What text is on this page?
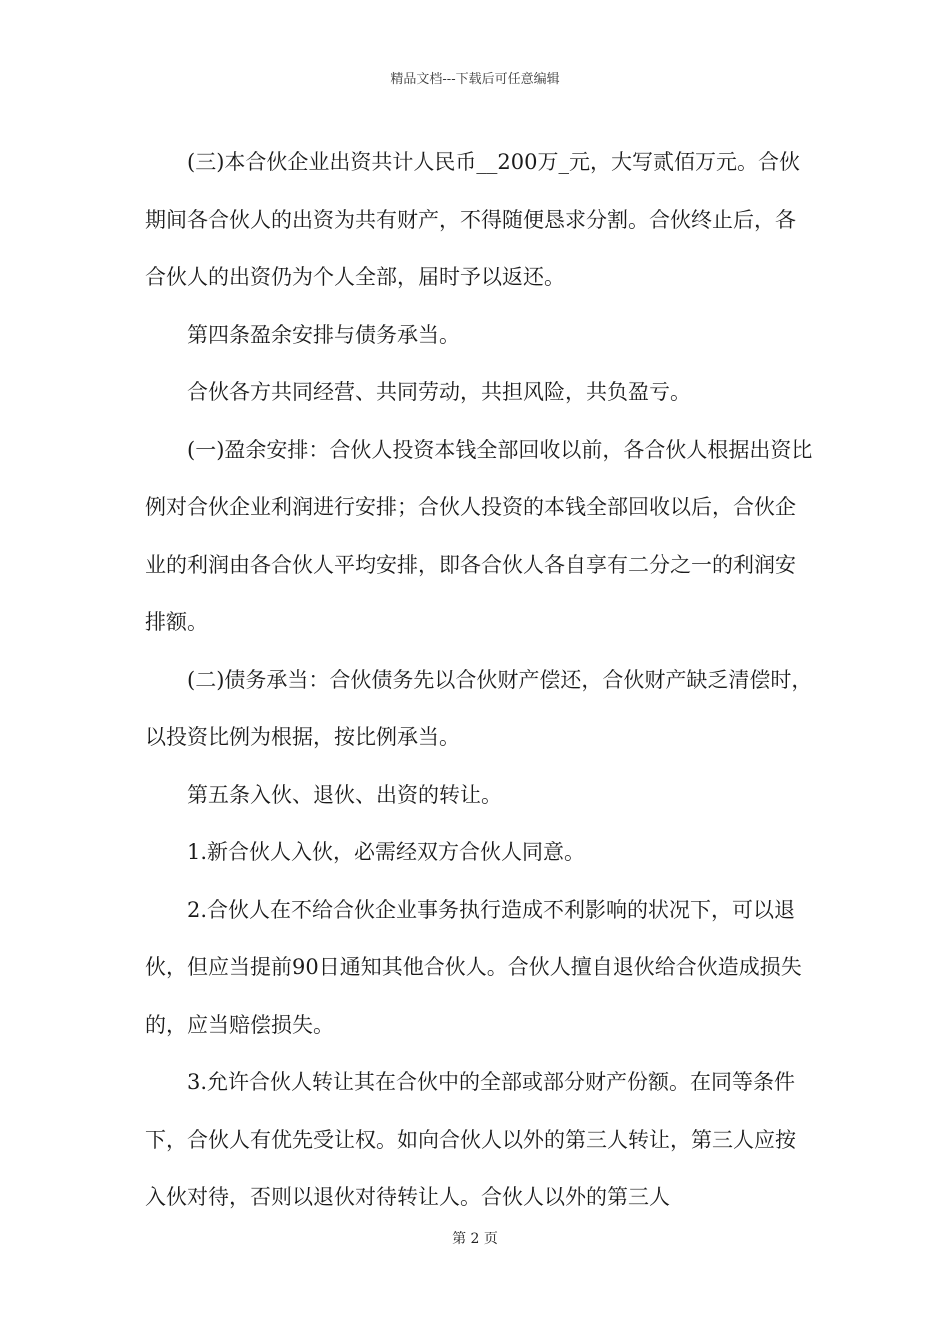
精品文档---下载后可任意编辑

(三)本合伙企业出资共计人民币__200万_元，大写贰佰万元。合伙期间各合伙人的出资为共有财产，不得随便恳求分割。合伙终止后，各合伙人的出资仍为个人全部，届时予以返还。

第四条盈余安排与债务承当。

合伙各方共同经营、共同劳动，共担风险，共负盈亏。

(一)盈余安排：合伙人投资本钱全部回收以前，各合伙人根据出资比例对合伙企业利润进行安排；合伙人投资的本钱全部回收以后，合伙企业的利润由各合伙人平均安排，即各合伙人各自享有二分之一的利润安排额。

(二)债务承当：合伙债务先以合伙财产偿还，合伙财产缺乏清偿时，以投资比例为根据，按比例承当。

第五条入伙、退伙、出资的转让。

1.新合伙人入伙，必需经双方合伙人同意。

2.合伙人在不给合伙企业事务执行造成不利影响的状况下，可以退伙，但应当提前90日通知其他合伙人。合伙人擅自退伙给合伙造成损失的，应当赔偿损失。

3.允许合伙人转让其在合伙中的全部或部分财产份额。在同等条件下，合伙人有优先受让权。如向合伙人以外的第三人转让，第三人应按入伙对待，否则以退伙对待转让人。合伙人以外的第三人

第 2 页
